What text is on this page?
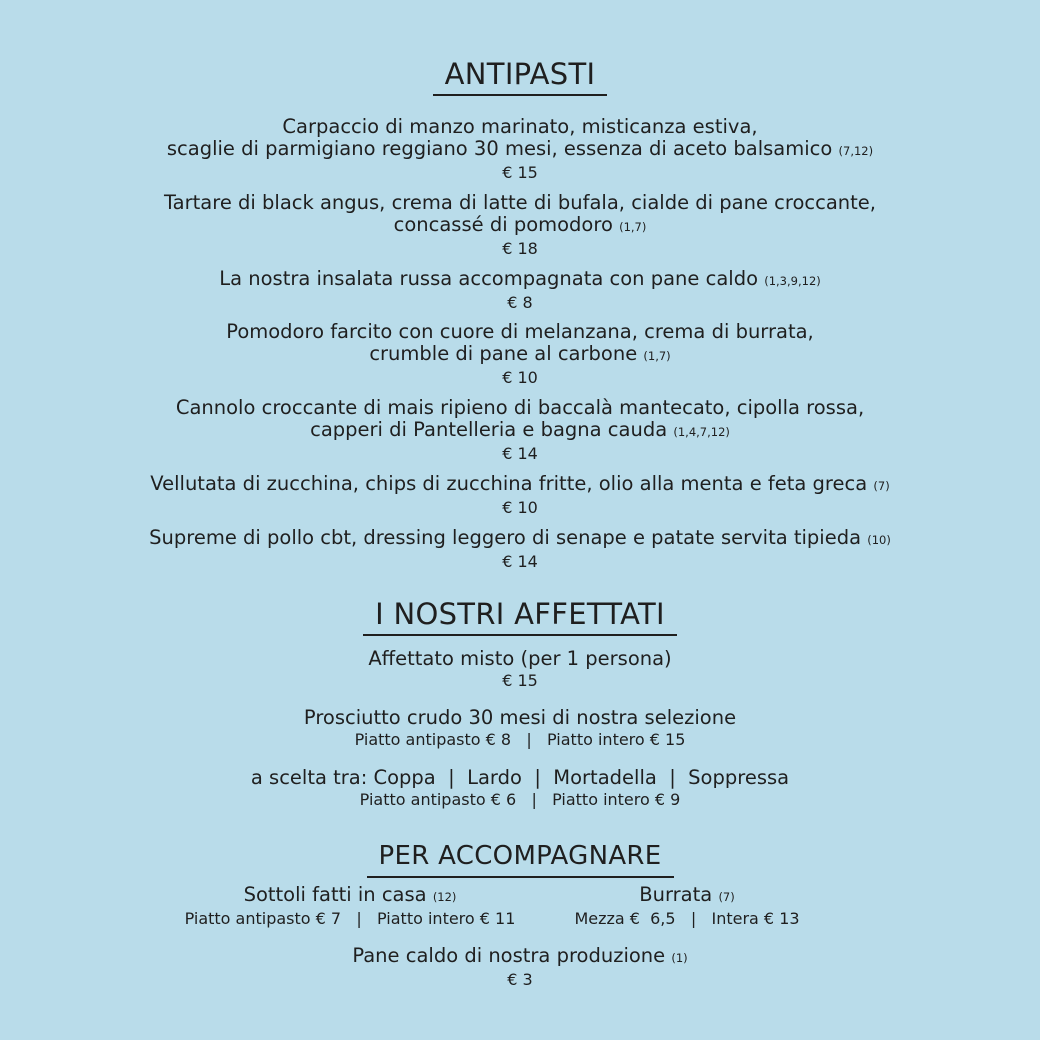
ANTIPASTI
Carpaccio di manzo marinato, misticanza estiva,
scaglie di parmigiano reggiano 30 mesi, essenza di aceto balsamico (7,12)
€ 15
Tartare di black angus, crema di latte di bufala, cialde di pane croccante,
concassé di pomodoro (1,7)
€ 18
La nostra insalata russa accompagnata con pane caldo (1,3,9,12)
€ 8
Pomodoro farcito con cuore di melanzana, crema di burrata,
crumble di pane al carbone (1,7)
€ 10
Cannolo croccante di mais ripieno di baccalà mantecato, cipolla rossa,
capperi di Pantelleria e bagna cauda (1,4,7,12)
€ 14
Vellutata di zucchina, chips di zucchina fritte, olio alla menta e feta greca (7)
€ 10
Supreme di pollo cbt, dressing leggero di senape e patate servita tipieda (10)
€ 14
I NOSTRI AFFETTATI
Affettato misto (per 1 persona)
€ 15
Prosciutto crudo 30 mesi di nostra selezione
Piatto antipasto € 8   |   Piatto intero € 15
a scelta tra: Coppa  |  Lardo  |  Mortadella  |  Soppressa
Piatto antipasto € 6   |   Piatto intero € 9
PER ACCOMPAGNARE
Sottoli fatti in casa (12)
Piatto antipasto € 7   |   Piatto intero € 11
Burrata (7)
Mezza €  6,5   |   Intera € 13
Pane caldo di nostra produzione (1)
€ 3
